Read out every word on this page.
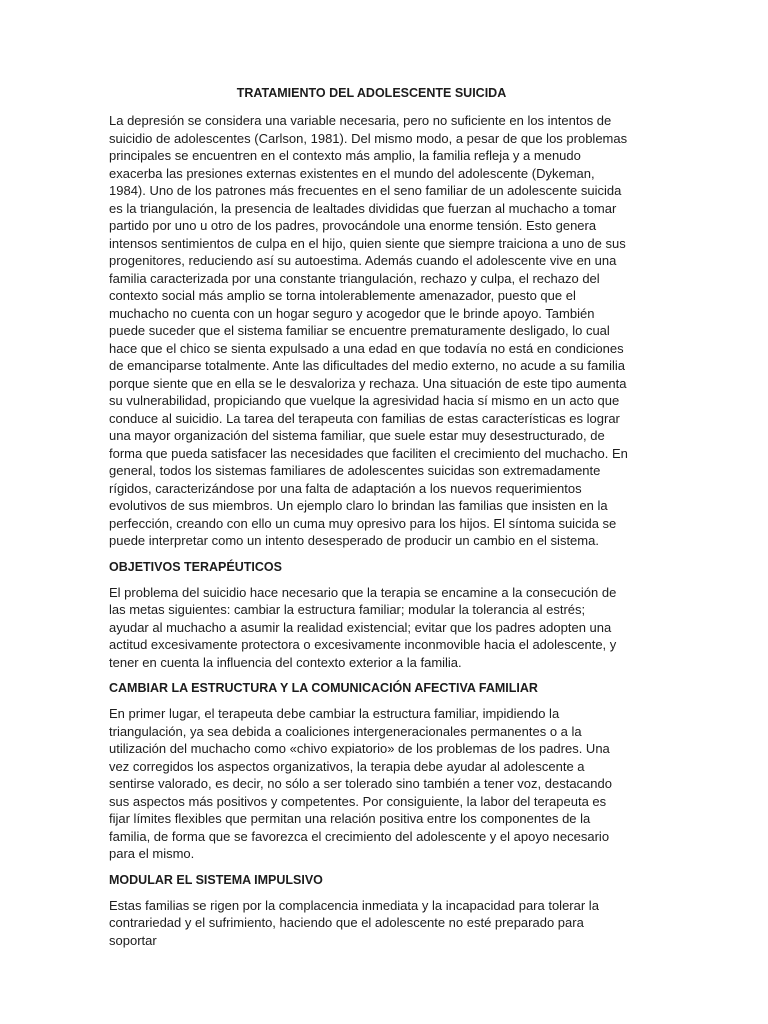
TRATAMIENTO DEL ADOLESCENTE SUICIDA

La depresión se considera una variable necesaria, pero no suficiente en los intentos de suicidio de adolescentes (Carlson, 1981). Del mismo modo, a pesar de que los problemas principales se encuentren en el contexto más amplio, la familia refleja y a menudo exacerba las presiones externas existentes en el mundo del adolescente (Dykeman, 1984). Uno de los patrones más frecuentes en el seno familiar de un adolescente suicida es la triangulación, la presencia de lealtades divididas que fuerzan al muchacho a tomar partido por uno u otro de los padres, provocándole una enorme tensión. Esto genera intensos sentimientos de culpa en el hijo, quien siente que siempre traiciona a uno de sus progenitores, reduciendo así su autoestima. Además cuando el adolescente vive en una familia caracterizada por una constante triangulación, rechazo y culpa, el rechazo del contexto social más amplio se torna intolerablemente amenazador, puesto que el muchacho no cuenta con un hogar seguro y acogedor que le brinde apoyo. También puede suceder que el sistema familiar se encuentre prematuramente desligado, lo cual hace que el chico se sienta expulsado a una edad en que todavía no está en condiciones de emanciparse totalmente. Ante las dificultades del medio externo, no acude a su familia porque siente que en ella se le desvaloriza y rechaza. Una situación de este tipo aumenta su vulnerabilidad, propiciando que vuelque la agresividad hacia sí mismo en un acto que conduce al suicidio. La tarea del terapeuta con familias de estas características es lograr una mayor organización del sistema familiar, que suele estar muy desestructurado, de forma que pueda satisfacer las necesidades que faciliten el crecimiento del muchacho. En general, todos los sistemas familiares de adolescentes suicidas son extremadamente rígidos, caracterizándose por una falta de adaptación a los nuevos requerimientos evolutivos de sus miembros. Un ejemplo claro lo brindan las familias que insisten en la perfección, creando con ello un cuma muy opresivo para los hijos. El síntoma suicida se puede interpretar como un intento desesperado de producir un cambio en el sistema.

OBJETIVOS TERAPÉUTICOS

El problema del suicidio hace necesario que la terapia se encamine a la consecución de las metas siguientes: cambiar la estructura familiar; modular la tolerancia al estrés; ayudar al muchacho a asumir la realidad existencial; evitar que los padres adopten una actitud excesivamente protectora o excesivamente inconmovible hacia el adolescente, y tener en cuenta la influencia del contexto exterior a la familia.

CAMBIAR LA ESTRUCTURA Y LA COMUNICACIÓN AFECTIVA FAMILIAR

En primer lugar, el terapeuta debe cambiar la estructura familiar, impidiendo la triangulación, ya sea debida a coaliciones intergeneracionales permanentes o a la utilización del muchacho como «chivo expiatorio» de los problemas de los padres. Una vez corregidos los aspectos organizativos, la terapia debe ayudar al adolescente a sentirse valorado, es decir, no sólo a ser tolerado sino también a tener voz, destacando sus aspectos más positivos y competentes. Por consiguiente, la labor del terapeuta es fijar límites flexibles que permitan una relación positiva entre los componentes de la familia, de forma que se favorezca el crecimiento del adolescente y el apoyo necesario para el mismo.

MODULAR EL SISTEMA IMPULSIVO

Estas familias se rigen por la complacencia inmediata y la incapacidad para tolerar la contrariedad y el sufrimiento, haciendo que el adolescente no esté preparado para soportar
